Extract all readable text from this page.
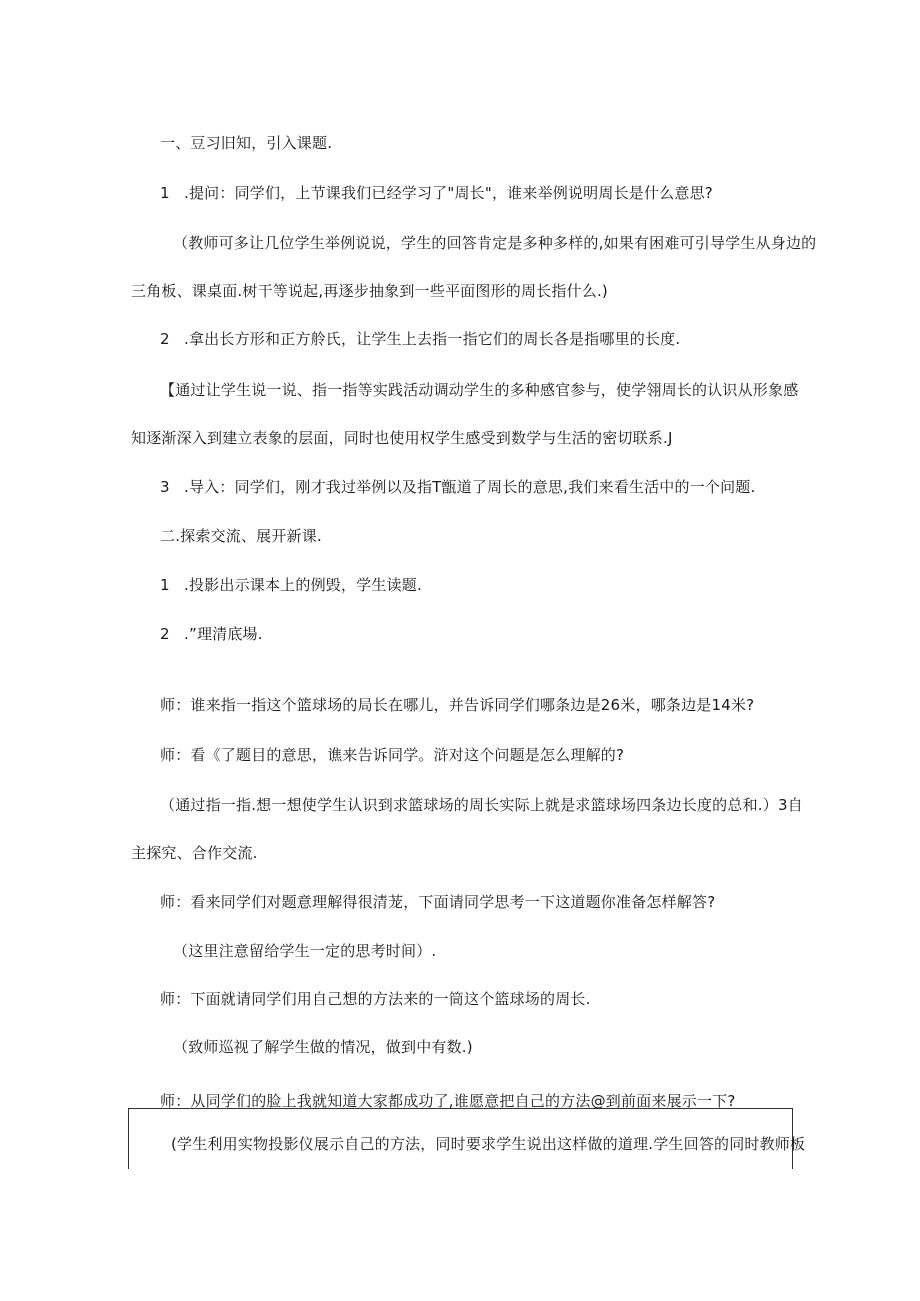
一、豆习旧知，引入课题.
1 .提问：同学们，上节课我们已经学习了"周长"，谁来举例说明周长是什么意思?
（教师可多让几位学生举例说说，学生的回答肯定是多种多样的,如果有困难可引导学生从身边的
三角板、课桌面.树干等说起,再逐步抽象到一些平面图形的周长指什么.)
2 .拿出长方形和正方舲氏，让学生上去指一指它们的周长各是指哪里的长度.
【通过让学生说一说、指一指等实践活动调动学生的多种感官参与，使学翎周长的认识从形象感
知逐渐深入到建立表象的层面，同时也使用权学生感受到数学与生活的密切联系.J
3 .导入：同学们，刚才我过举例以及指T甑道了周长的意思,我们来看生活中的一个问题.
二.探索交流、展开新课.
1 .投影出示课本上的例毁，学生读题.
2 .”理清底場.
师：谁来指一指这个篮球场的局长在哪儿，并告诉同学们哪条边是26米，哪条边是14米?
师：看《了题目的意思，谯来告诉同学。浒对这个问题是怎么理解的?
（通过指一指.想一想使学生认识到求篮球场的周长实际上就是求篮球场四条边长度的总和.）3自
主探究、合作交流.
师：看来同学们对题意理解得很清茏，下面请同学思考一下这道题你准备怎样解答?
（这里注意留给学生一定的思考时间）.
师：下面就请同学们用自己想的方法来的一筒这个篮球场的周长.
（致师巡视了解学生做的情况，做到中有数.)
师：从同学们的脸上我就知道大家都成功了,谁愿意把自己的方法@到前面来展示一下?
(学生利用实物投影仪展示自己的方法，同时要求学生说出这样做的道理.学生回答的同时教师板
